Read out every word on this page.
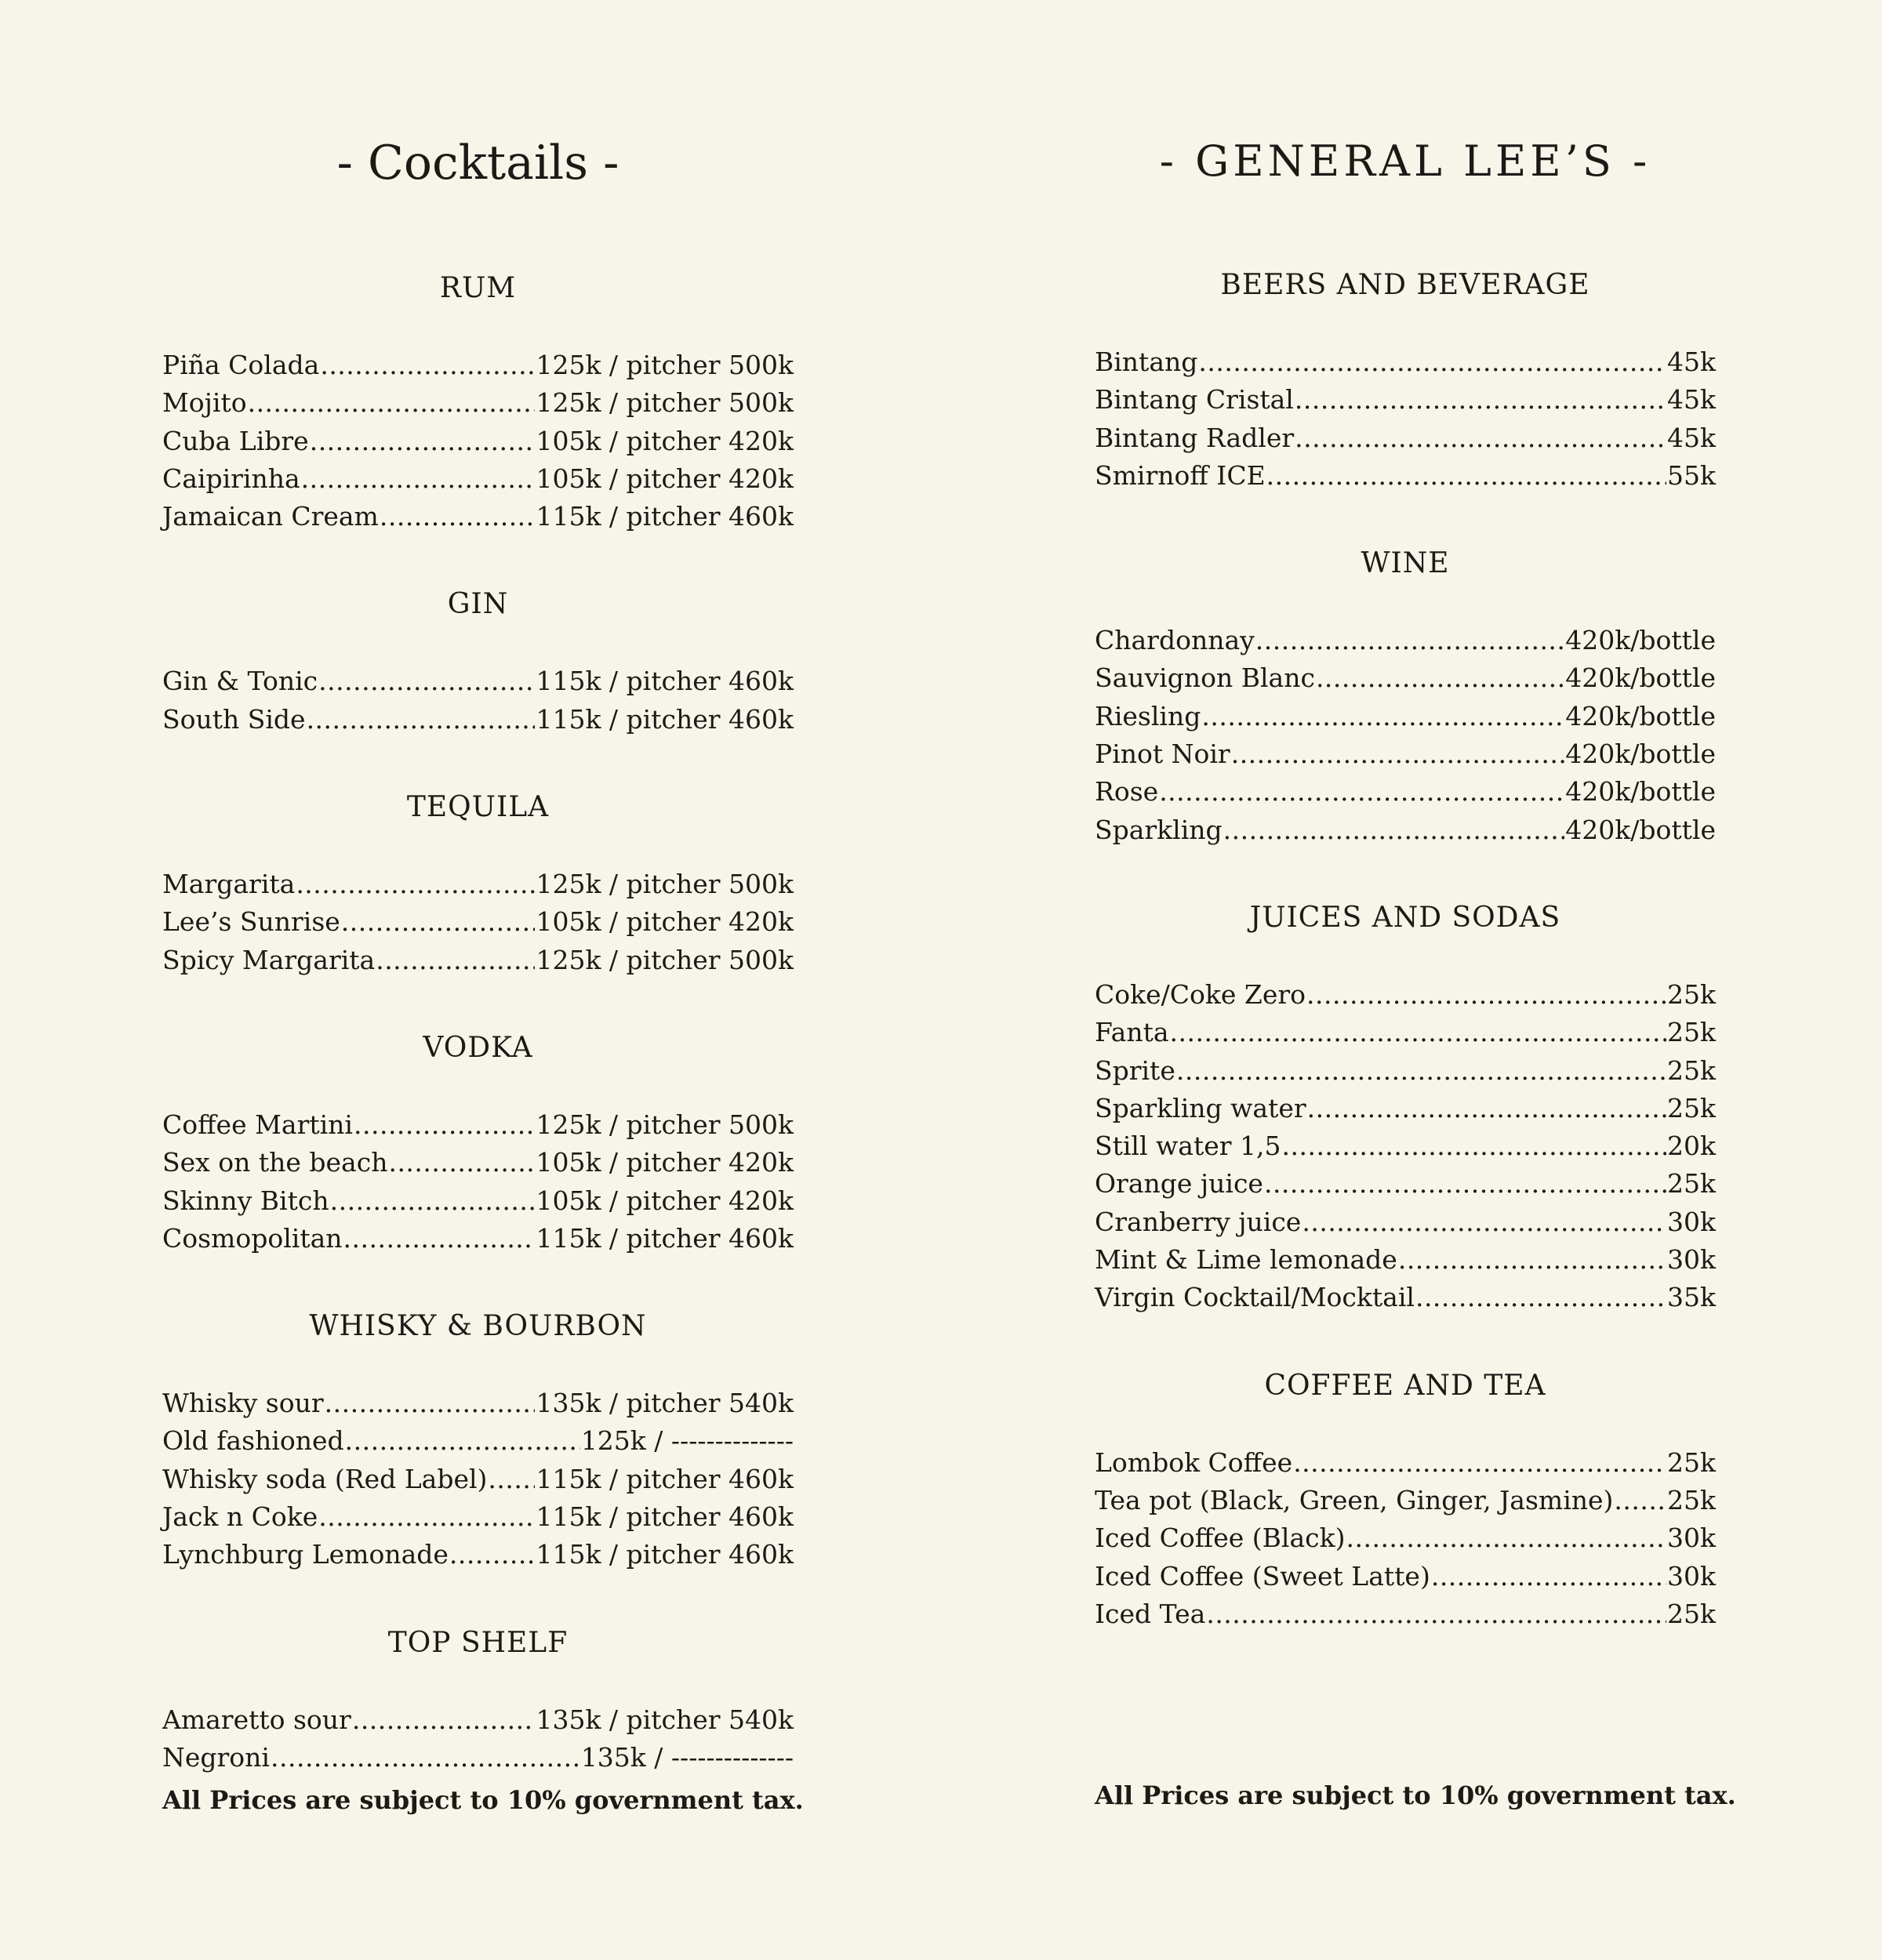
- Cocktails -
RUM
Piña Colada .....	125k / pitcher 500k
Mojito .....	125k / pitcher 500k
Cuba Libre .....	105k / pitcher 420k
Caipirinha .....	105k / pitcher 420k
Jamaican Cream .....	115k / pitcher 460k
GIN
Gin & Tonic .....	115k / pitcher 460k
South Side .....	115k / pitcher 460k
TEQUILA
Margarita .....	125k / pitcher 500k
Lee’s Sunrise .....	105k / pitcher 420k
Spicy Margarita .....	125k / pitcher 500k
VODKA
Coffee Martini .....	125k / pitcher 500k
Sex on the beach .....	105k / pitcher 420k
Skinny Bitch .....	105k / pitcher 420k
Cosmopolitan .....	115k / pitcher 460k
WHISKY & BOURBON
Whisky sour .....	135k / pitcher 540k
Old fashioned .....	125k / --------------
Whisky soda (Red Label) ..... 115k / pitcher 460k
Jack n Coke .....	115k / pitcher 460k
Lynchburg Lemonade .....	115k / pitcher 460k
TOP SHELF
Amaretto sour .....	135k / pitcher 540k
Negroni .....	135k / --------------
All Prices are subject to 10% government tax.
- GENERAL LEE’S -
BEERS AND BEVERAGE
Bintang .....	45k
Bintang Cristal .....	45k
Bintang Radler .....	45k
Smirnoff ICE .....	55k
WINE
Chardonnay .....	420k/bottle
Sauvignon Blanc .....	420k/bottle
Riesling .....	420k/bottle
Pinot Noir .....	420k/bottle
Rose .....	420k/bottle
Sparkling .....	420k/bottle
JUICES AND SODAS
Coke/Coke Zero .....	25k
Fanta .....	25k
Sprite .....	25k
Sparkling water .....	25k
Still water 1,5 .....	20k
Orange juice .....	25k
Cranberry juice .....	30k
Mint & Lime lemonade .....	30k
Virgin Cocktail/Mocktail .....	35k
COFFEE AND TEA
Lombok Coffee .....	25k
Tea pot (Black, Green, Ginger, Jasmine) ..... 25k
Iced Coffee (Black) .....	30k
Iced Coffee (Sweet Latte) .....	30k
Iced Tea .....	25k
All Prices are subject to 10% government tax.
